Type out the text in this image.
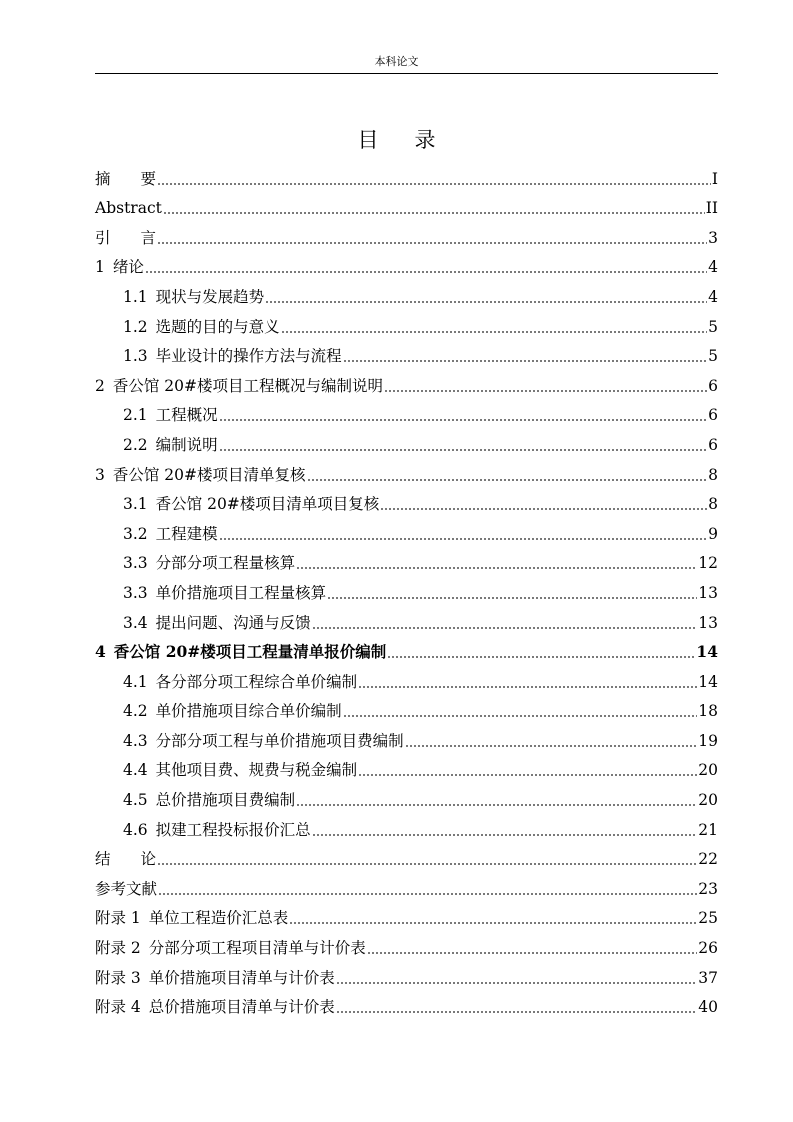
本科论文
目录
摘要	I
Abstract	II
引言	3
1 绪论	4
1.1 现状与发展趋势	4
1.2 选题的目的与意义	5
1.3 毕业设计的操作方法与流程	5
2 香公馆 20#楼项目工程概况与编制说明	6
2.1 工程概况	6
2.2 编制说明	6
3 香公馆 20#楼项目清单复核	8
3.1 香公馆 20#楼项目清单项目复核	8
3.2 工程建模	9
3.3 分部分项工程量核算	12
3.3 单价措施项目工程量核算	13
3.4 提出问题、沟通与反馈	13
4 香公馆 20#楼项目工程量清单报价编制	14
4.1 各分部分项工程综合单价编制	14
4.2 单价措施项目综合单价编制	18
4.3 分部分项工程与单价措施项目费编制	19
4.4 其他项目费、规费与税金编制	20
4.5 总价措施项目费编制	20
4.6 拟建工程投标报价汇总	21
结论	22
参考文献	23
附录 1 单位工程造价汇总表	25
附录 2 分部分项工程项目清单与计价表	26
附录 3 单价措施项目清单与计价表	37
附录 4 总价措施项目清单与计价表	40
